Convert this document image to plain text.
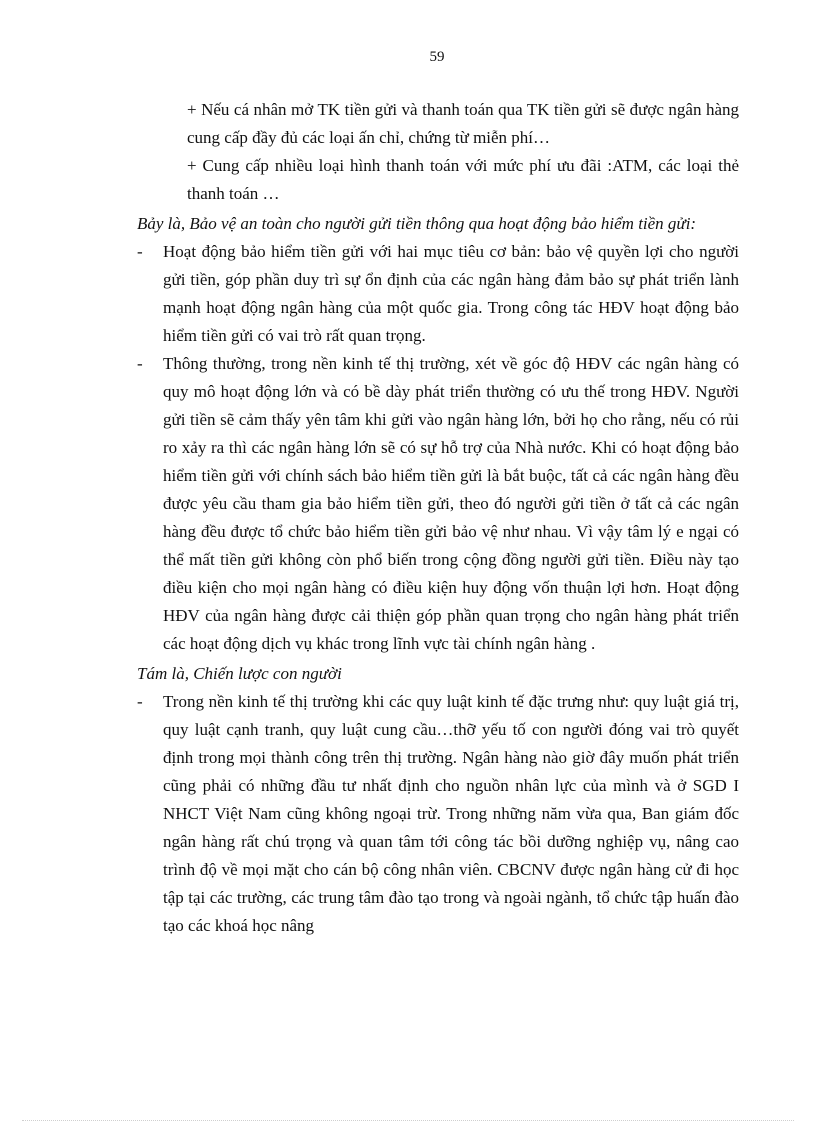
59

+ Nếu cá nhân mở TK tiền gửi và thanh toán qua TK tiền gửi sẽ được ngân hàng cung cấp đầy đủ các loại ấn chỉ, chứng từ miễn phí…

+ Cung cấp nhiều loại hình thanh toán với mức phí ưu đãi :ATM, các loại thẻ thanh toán …

Bảy là, Bảo vệ an toàn cho người gửi tiền thông qua hoạt động bảo hiểm tiền gửi:

- Hoạt động bảo hiểm tiền gửi với hai mục tiêu cơ bản: bảo vệ quyền lợi cho người gửi tiền, góp phần duy trì sự ổn định của các ngân hàng đảm bảo sự phát triển lành mạnh hoạt động ngân hàng của một quốc gia. Trong công tác HĐV hoạt động bảo hiểm tiền gửi có vai trò rất quan trọng.

- Thông thường, trong nền kinh tế thị trường, xét về góc độ HĐV các ngân hàng có quy mô hoạt động lớn và có bề dày phát triển thường có ưu thế trong HĐV. Người gửi tiền sẽ cảm thấy yên tâm khi gửi vào ngân hàng lớn, bởi họ cho rằng, nếu có rủi ro xảy ra thì các ngân hàng lớn sẽ có sự hỗ trợ của Nhà nước. Khi có hoạt động bảo hiểm tiền gửi với chính sách bảo hiểm tiền gửi là bắt buộc, tất cả các ngân hàng đều được yêu cầu tham gia bảo hiểm tiền gửi, theo đó người gửi tiền ở tất cả các ngân hàng đều được tổ chức bảo hiểm tiền gửi bảo vệ như nhau. Vì vậy tâm lý e ngại có thể mất tiền gửi không còn phổ biến trong cộng đồng người gửi tiền. Điều này tạo điều kiện cho mọi ngân hàng có điều kiện huy động vốn thuận lợi hơn. Hoạt động HĐV của ngân hàng được cải thiện góp phần quan trọng cho ngân hàng phát triển các hoạt động dịch vụ khác trong lĩnh vực tài chính ngân hàng .

Tám là, Chiến lược con người

- Trong nền kinh tế thị trường khi các quy luật kinh tế đặc trưng như: quy luật giá trị, quy luật cạnh tranh, quy luật cung cầu…thỡ yếu tố con người đóng vai trò quyết định trong mọi thành công trên thị trường. Ngân hàng nào giờ đây muốn phát triển cũng phải có những đầu tư nhất định cho nguồn nhân lực của mình và ở SGD I NHCT Việt Nam cũng không ngoại trừ. Trong những năm vừa qua, Ban giám đốc ngân hàng rất chú trọng và quan tâm tới công tác bồi dưỡng nghiệp vụ, nâng cao trình độ về mọi mặt cho cán bộ công nhân viên. CBCNV được ngân hàng cử đi học tập tại các trường, các trung tâm đào tạo trong và ngoài ngành, tổ chức tập huấn đào tạo các khoá học nâng
